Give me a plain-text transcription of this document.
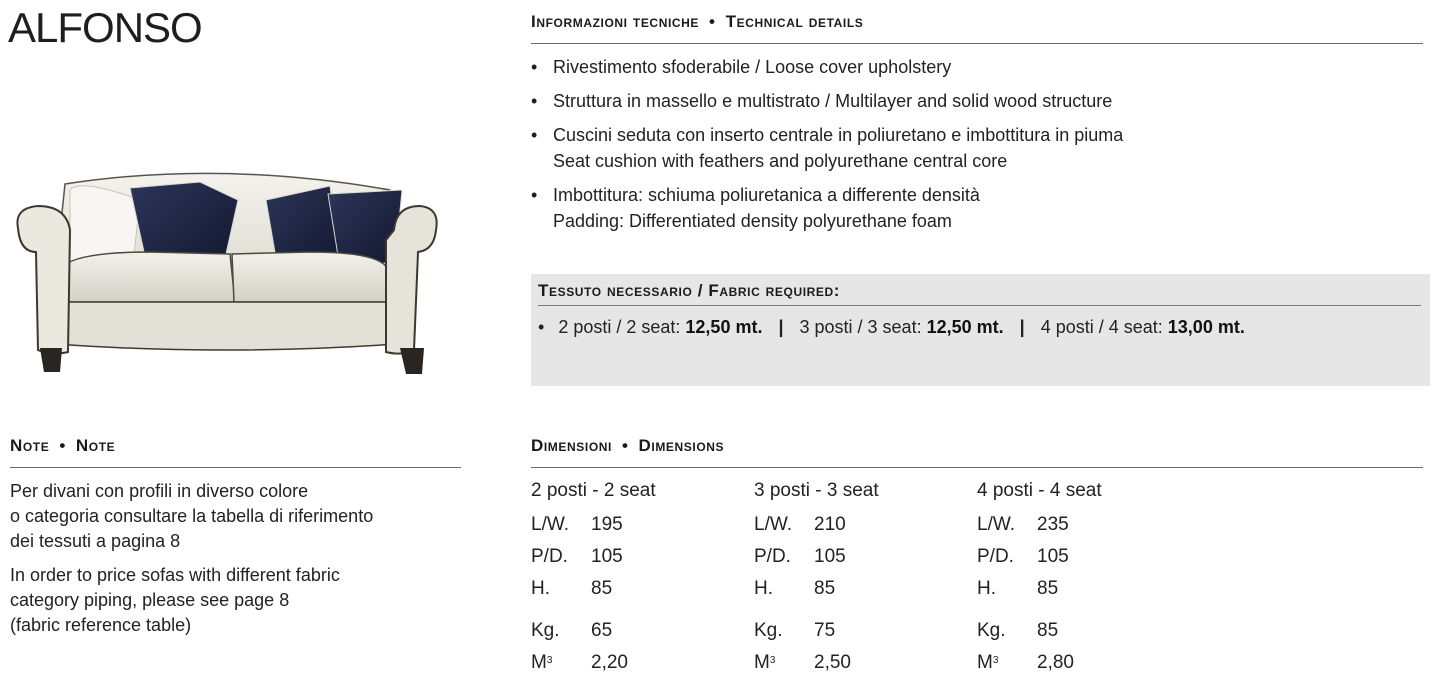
ALFONSO	Informazioni tecniche • Technical details
• Rivestimento sfoderabile / Loose cover upholstery
• Struttura in massello e multistrato / Multilayer and solid wood structure
• Cuscini seduta con inserto centrale in poliuretano e imbottitura in piuma
Seat cushion with feathers and polyurethane central core
• Imbottitura: schiuma poliuretanica a differente densità
Padding: Differentiated density polyurethane foam
Tessuto necessario / Fabric required:
• 2 posti / 2 seat: 12,50 mt. | 3 posti / 3 seat: 12,50 mt. | 4 posti / 4 seat: 13,00 mt.
Note • Note
Per divani con profili in diverso colore
o categoria consultare la tabella di riferimento
dei tessuti a pagina 8
In order to price sofas with different fabric
category piping, please see page 8
(fabric reference table)
Dimensioni • Dimensions
2 posti - 2 seat
L/W.	195
P/D.	105
H.	85
Kg.	65
$M^3$	2,20
3 posti - 3 seat
L/W.	210
P/D.	105
H.	85
Kg.	75
$M^3$	2,50
4 posti - 4 seat
L/W.	235
P/D.	105
H.	85
Kg.	85
$M^3$	2,80
